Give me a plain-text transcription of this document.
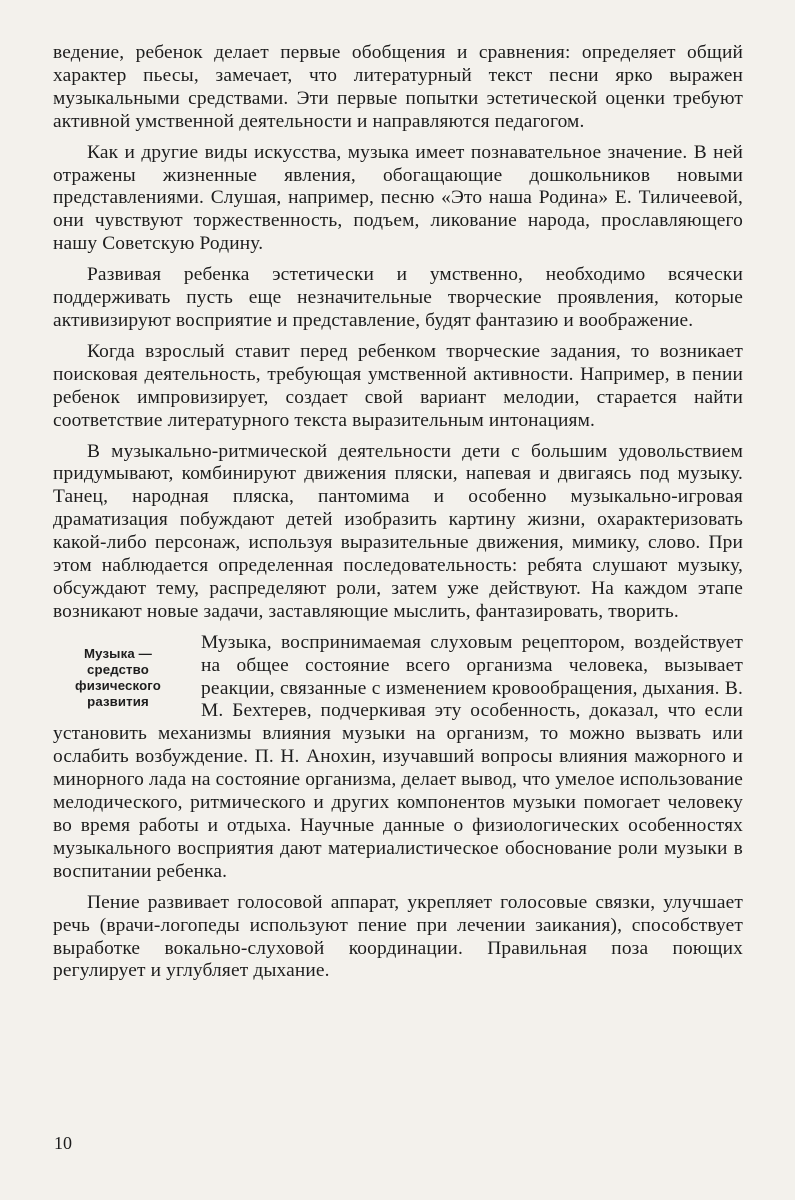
ведение, ребенок делает первые обобщения и сравнения: определяет общий характер пьесы, замечает, что литературный текст песни ярко выражен музыкальными средствами. Эти первые попытки эстетической оценки требуют активной умственной деятельности и направляются педагогом.

Как и другие виды искусства, музыка имеет познавательное значение. В ней отражены жизненные явления, обогащающие дошкольников новыми представлениями. Слушая, например, песню «Это наша Родина» Е. Тиличеевой, они чувствуют торжественность, подъем, ликование народа, прославляющего нашу Советскую Родину.

Развивая ребенка эстетически и умственно, необходимо всячески поддерживать пусть еще незначительные творческие проявления, которые активизируют восприятие и представление, будят фантазию и воображение.

Когда взрослый ставит перед ребенком творческие задания, то возникает поисковая деятельность, требующая умственной активности. Например, в пении ребенок импровизирует, создает свой вариант мелодии, старается найти соответствие литературного текста выразительным интонациям.

В музыкально-ритмической деятельности дети с большим удовольствием придумывают, комбинируют движения пляски, напевая и двигаясь под музыку. Танец, народная пляска, пантомима и особенно музыкально-игровая драматизация побуждают детей изобразить картину жизни, охарактеризовать какой-либо персонаж, используя выразительные движения, мимику, слово. При этом наблюдается определенная последовательность: ребята слушают музыку, обсуждают тему, распределяют роли, затем уже действуют. На каждом этапе возникают новые задачи, заставляющие мыслить, фантазировать, творить.

Музыка —
средство
физического
развития
Музыка, воспринимаемая слуховым рецептором, воздействует на общее состояние всего организма человека, вызывает реакции, связанные с изменением кровообращения, дыхания. В. М. Бехтерев, подчеркивая эту особенность, доказал, что если установить механизмы влияния музыки на организм, то можно вызвать или ослабить возбуждение. П. Н. Анохин, изучавший вопросы влияния мажорного и минорного лада на состояние организма, делает вывод, что умелое использование мелодического, ритмического и других компонентов музыки помогает человеку во время работы и отдыха. Научные данные о физиологических особенностях музыкального восприятия дают материалистическое обоснование роли музыки в воспитании ребенка.

Пение развивает голосовой аппарат, укрепляет голосовые связки, улучшает речь (врачи-логопеды используют пение при лечении заикания), способствует выработке вокально-слуховой координации. Правильная поза поющих регулирует и углубляет дыхание.

10
